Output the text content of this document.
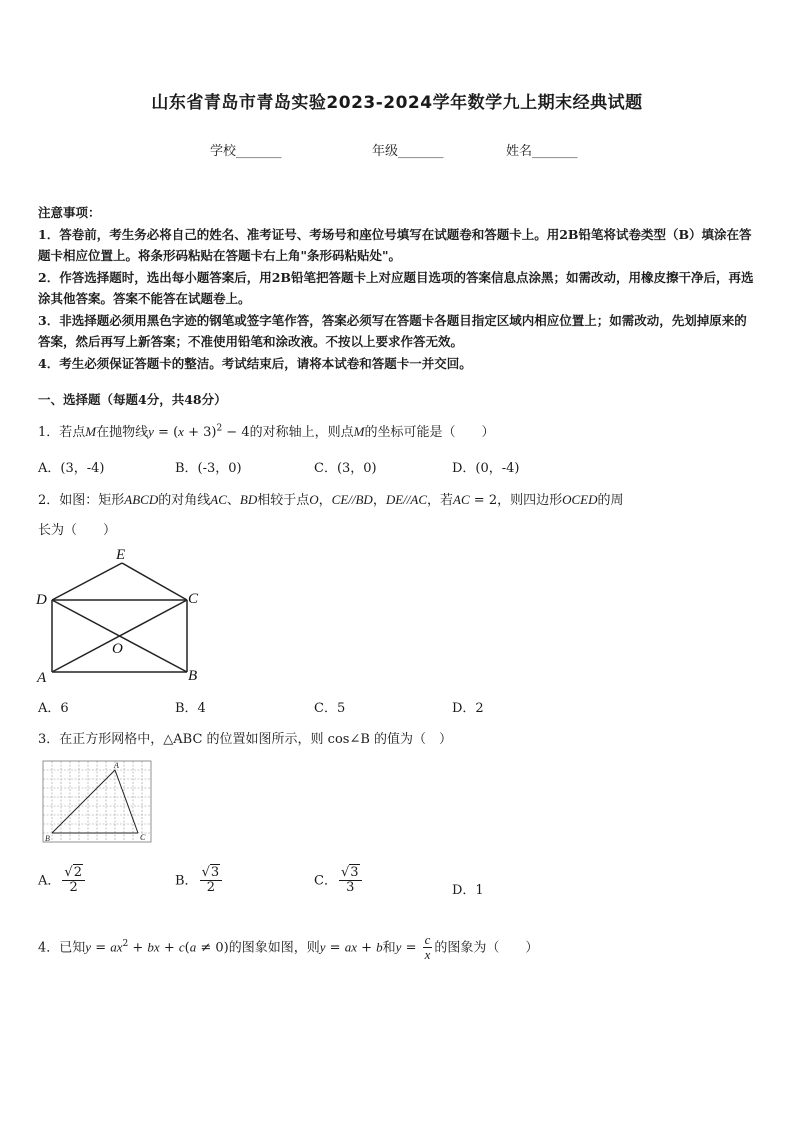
山东省青岛市青岛实验2023-2024学年数学九上期末经典试题
学校_______	年级_______	姓名_______

注意事项：

1．答卷前，考生务必将自己的姓名、准考证号、考场号和座位号填写在试题卷和答题卡上。用2B铅笔将试卷类型（B）填涂在答题卡相应位置上。将条形码粘贴在答题卡右上角"条形码粘贴处"。

2．作答选择题时，选出每小题答案后，用2B铅笔把答题卡上对应题目选项的答案信息点涂黑；如需改动，用橡皮擦干净后，再选涂其他答案。答案不能答在试题卷上。

3．非选择题必须用黑色字迹的钢笔或签字笔作答，答案必须写在答题卡各题目指定区域内相应位置上；如需改动，先划掉原来的答案，然后再写上新答案；不准使用铅笔和涂改液。不按以上要求作答无效。

4．考生必须保证答题卡的整洁。考试结束后，请将本试卷和答题卡一并交回。

一、选择题（每题4分，共48分）
1．若点M在抛物线$y = (x + 3)^2 - 4$的对称轴上，则点M的坐标可能是（　　）
A．(3，-4)	B．(-3，0)	C．(3，0)	D．(0，-4)
2．如图：矩形ABCD的对角线AC、BD相较于点O，CE//BD，DE//AC，若AC = 2，则四边形OCED的周
长为（　　）
E
D	C
O
A	B
A．6	B．4	C．5	D．2
3．在正方形网格中，△ABC 的位置如图所示，则 cos∠B 的值为（　）
A
B	C
A． $\frac{√2}{2}$	B． $\frac{√3}{2}$	C． $\frac{√3}{3}$	D．1
4．已知$y = ax^2$ + bx + c(a ≠ 0)的图象如图，则y = ax + b和$y = \frac{c}{x}$ 的图象为（　　）
